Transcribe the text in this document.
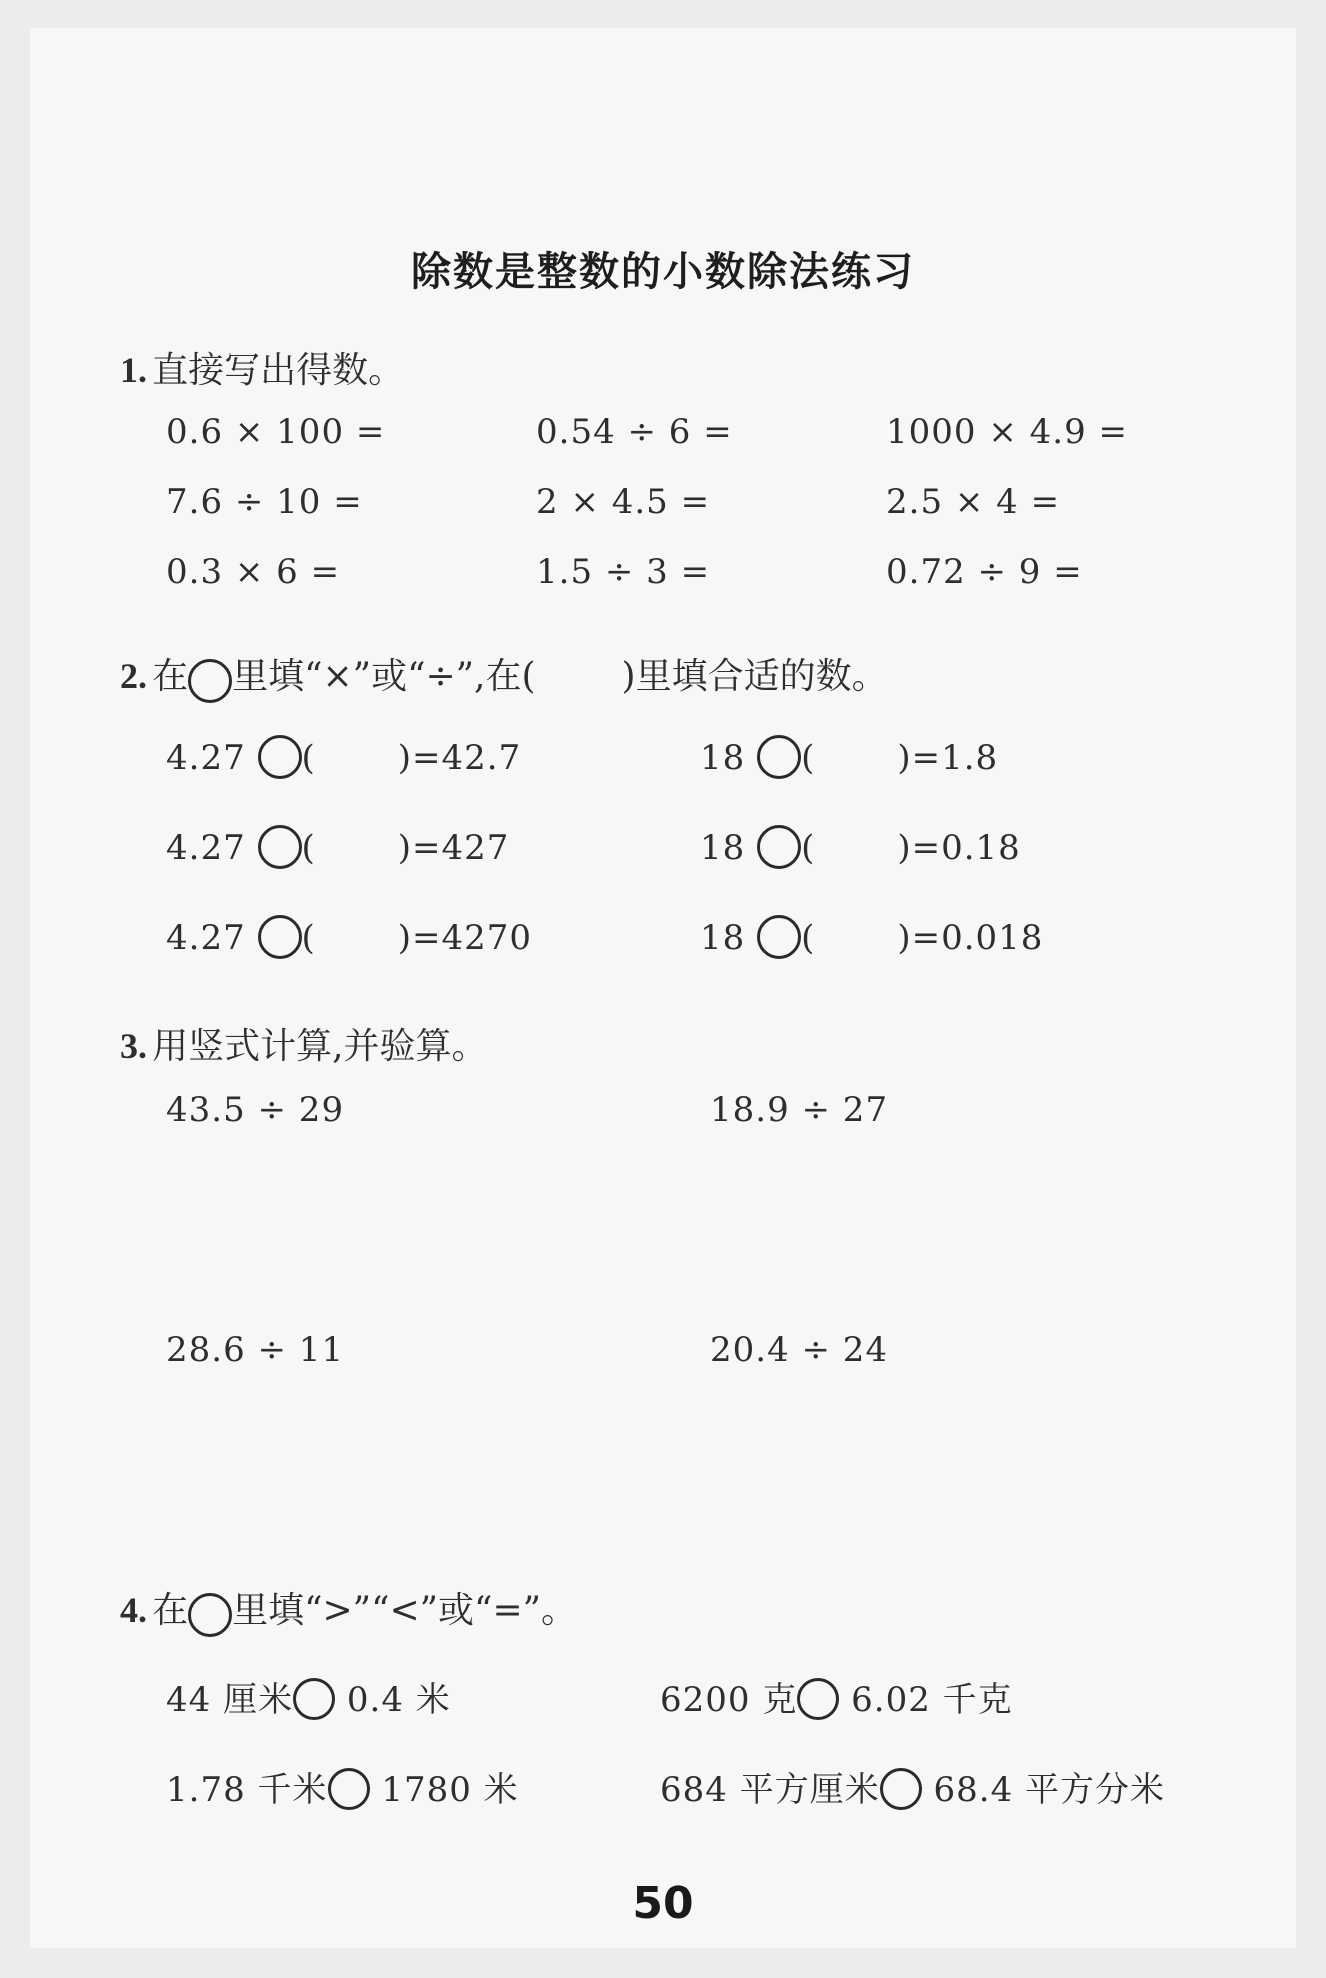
除数是整数的小数除法练习
1. 直接写出得数。
0.6 × 100 =	0.54 ÷ 6 =	1000 × 4.9 =
7.6 ÷ 10 =	2 × 4.5 =	2.5 × 4 =
0.3 × 6 =	1.5 ÷ 3 =	0.72 ÷ 9 =
2. 在 里填“×”或“÷”,在( )里填合适的数。
4.27 ( )=42.7	18 ( )=1.8
4.27 ( )=427	18 ( )=0.18
4.27 ( )=4270	18 ( )=0.018
3. 用竖式计算,并验算。
43.5 ÷ 29	18.9 ÷ 27
28.6 ÷ 11	20.4 ÷ 24
4. 在 里填“>”“<”或“=”。
44 厘米 0.4 米	6200 克 6.02 千克
1.78 千米 1780 米	684 平方厘米 68.4 平方分米
50
